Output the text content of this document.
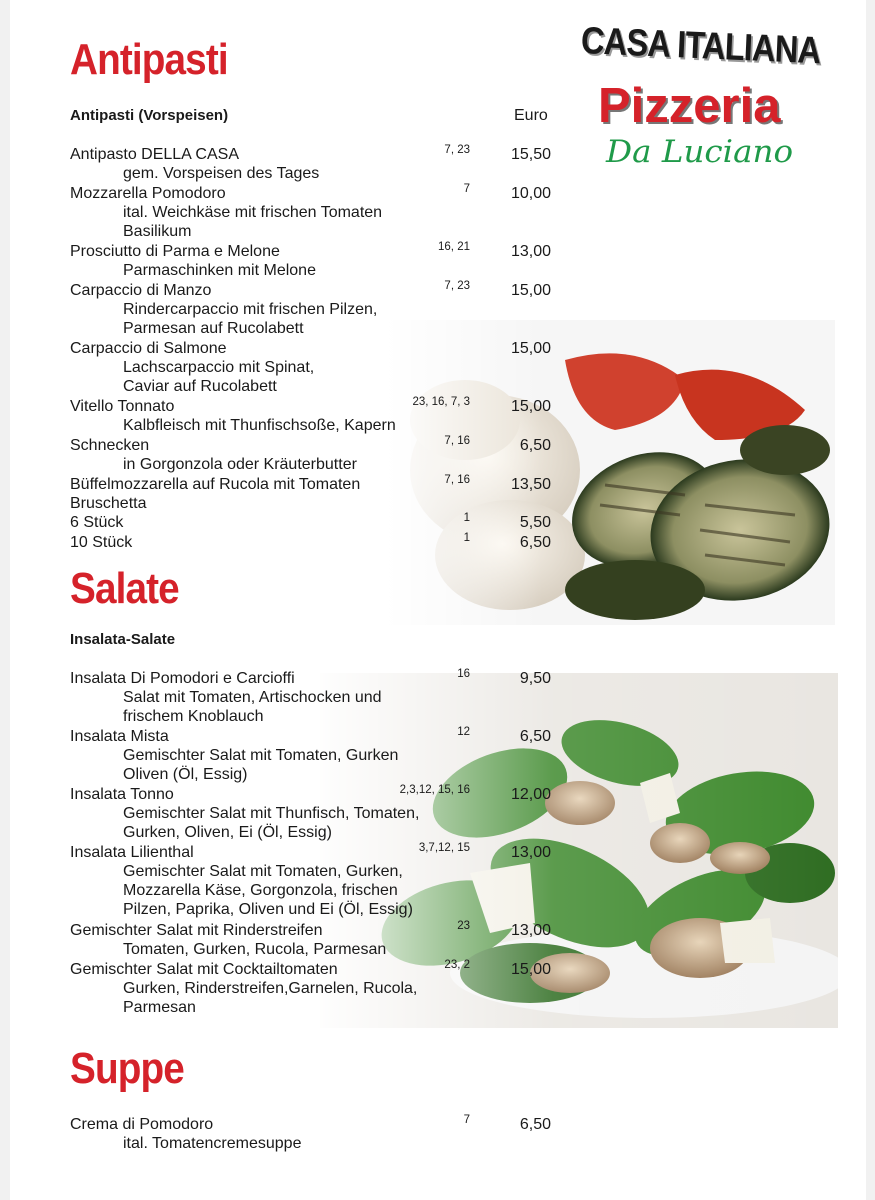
CASA ITALIANA
Pizzeria
Da Luciano
Antipasti
Antipasti (Vorspeisen)	Euro
Antipasto DELLA CASA	7, 23	15,50
gem. Vorspeisen des Tages
Mozzarella Pomodoro	7	10,00
ital. Weichkäse mit frischen Tomaten
Basilikum
Prosciutto di Parma e Melone	16, 21	13,00
Parmaschinken mit Melone
Carpaccio di Manzo	7, 23	15,00
Rindercarpaccio mit frischen Pilzen,
Parmesan auf Rucolabett
Carpaccio di Salmone	15,00
Lachscarpaccio mit Spinat,
Caviar auf Rucolabett
Vitello Tonnato	23, 16, 7, 3	15,00
Kalbfleisch mit Thunfischsoße, Kapern
Schnecken	7, 16	6,50
in Gorgonzola oder Kräuterbutter
Büffelmozzarella auf Rucola mit Tomaten	7, 16	13,50
Bruschetta
6 Stück	1	5,50
10 Stück	1	6,50
Salate
Insalata-Salate
Insalata Di Pomodori e Carcioffi	16	9,50
Salat mit Tomaten, Artischocken und
frischem Knoblauch
Insalata Mista	12	6,50
Gemischter Salat mit Tomaten, Gurken
Oliven (Öl, Essig)
Insalata Tonno	2,3,12, 15, 16	12,00
Gemischter Salat mit Thunfisch, Tomaten,
Gurken, Oliven, Ei (Öl, Essig)
Insalata Lilienthal	3,7,12, 15	13,00
Gemischter Salat mit Tomaten, Gurken,
Mozzarella Käse, Gorgonzola, frischen
Pilzen, Paprika, Oliven und Ei (Öl, Essig)
Gemischter Salat mit Rinderstreifen	23	13,00
Tomaten, Gurken, Rucola, Parmesan
Gemischter Salat mit Cocktailtomaten	23, 2	15,00
Gurken, Rinderstreifen,Garnelen, Rucola,
Parmesan
Suppe
Crema di Pomodoro	7	6,50
ital. Tomatencremesuppe
